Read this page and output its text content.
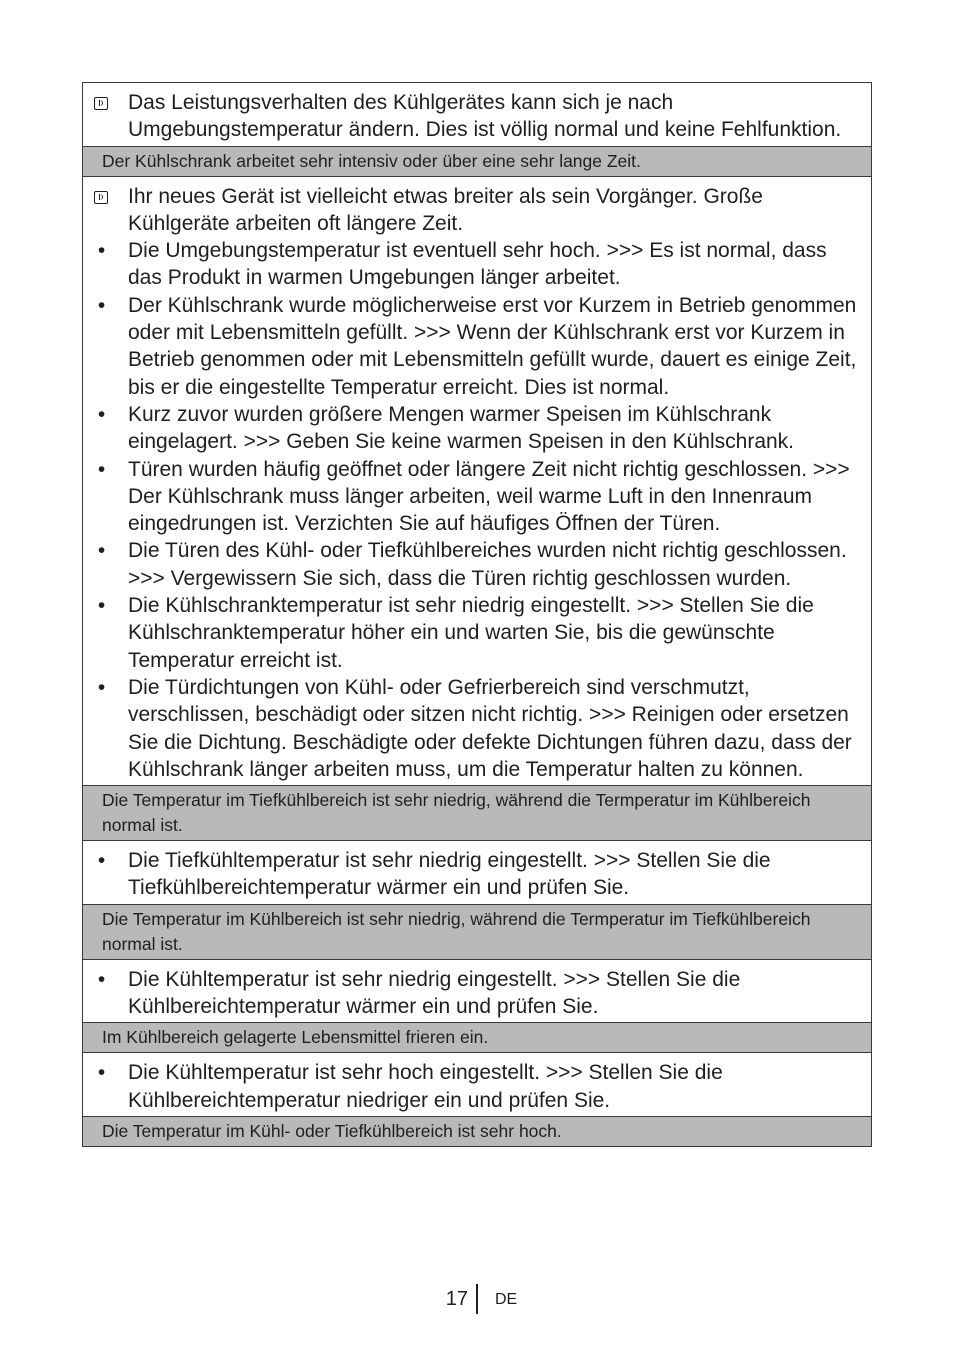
Das Leistungsverhalten des Kühlgerätes kann sich je nach Umgebungstemperatur ändern. Dies ist völlig normal und keine Fehlfunktion.
Der Kühlschrank arbeitet sehr intensiv oder über eine sehr lange Zeit.
Ihr neues Gerät ist vielleicht etwas breiter als sein Vorgänger. Große Kühlgeräte arbeiten oft längere Zeit.
•	Die Umgebungstemperatur ist eventuell sehr hoch. >>> Es ist normal, dass das Produkt in warmen Umgebungen länger arbeitet.
•	Der Kühlschrank wurde möglicherweise erst vor Kurzem in Betrieb genommen oder mit Lebensmitteln gefüllt. >>> Wenn der Kühlschrank erst vor Kurzem in Betrieb genommen oder mit Lebensmitteln gefüllt wurde, dauert es einige Zeit, bis er die eingestellte Temperatur erreicht. Dies ist normal.
•	Kurz zuvor wurden größere Mengen warmer Speisen im Kühlschrank eingelagert. >>> Geben Sie keine warmen Speisen in den Kühlschrank.
•	Türen wurden häufig geöffnet oder längere Zeit nicht richtig geschlossen. >>> Der Kühlschrank muss länger arbeiten, weil warme Luft in den Innenraum eingedrungen ist. Verzichten Sie auf häufiges Öffnen der Türen.
•	Die Türen des Kühl- oder Tiefkühlbereiches wurden nicht richtig geschlossen. >>> Vergewissern Sie sich, dass die Türen richtig geschlossen wurden.
•	Die Kühlschranktemperatur ist sehr niedrig eingestellt. >>> Stellen Sie die Kühlschranktemperatur höher ein und warten Sie, bis die gewünschte Temperatur erreicht ist.
•	Die Türdichtungen von Kühl- oder Gefrierbereich sind verschmutzt, verschlissen, beschädigt oder sitzen nicht richtig. >>> Reinigen oder ersetzen Sie die Dichtung. Beschädigte oder defekte Dichtungen führen dazu, dass der Kühlschrank länger arbeiten muss, um die Temperatur halten zu können.
Die Temperatur im Tiefkühlbereich ist sehr niedrig, während die Termperatur im Kühlbereich normal ist.
•	Die Tiefkühltemperatur ist sehr niedrig eingestellt. >>> Stellen Sie die Tiefkühlbereichtemperatur wärmer ein und prüfen Sie.
Die Temperatur im Kühlbereich ist sehr niedrig, während die Termperatur im Tiefkühlbereich normal ist.
•	Die Kühltemperatur ist sehr niedrig eingestellt. >>> Stellen Sie die Kühlbereichtemperatur wärmer ein und prüfen Sie.
Im Kühlbereich gelagerte Lebensmittel frieren ein.
•	Die Kühltemperatur ist sehr hoch eingestellt. >>> Stellen Sie die Kühlbereichtemperatur niedriger ein und prüfen Sie.
Die Temperatur im Kühl- oder Tiefkühlbereich ist sehr hoch.
17 DE
